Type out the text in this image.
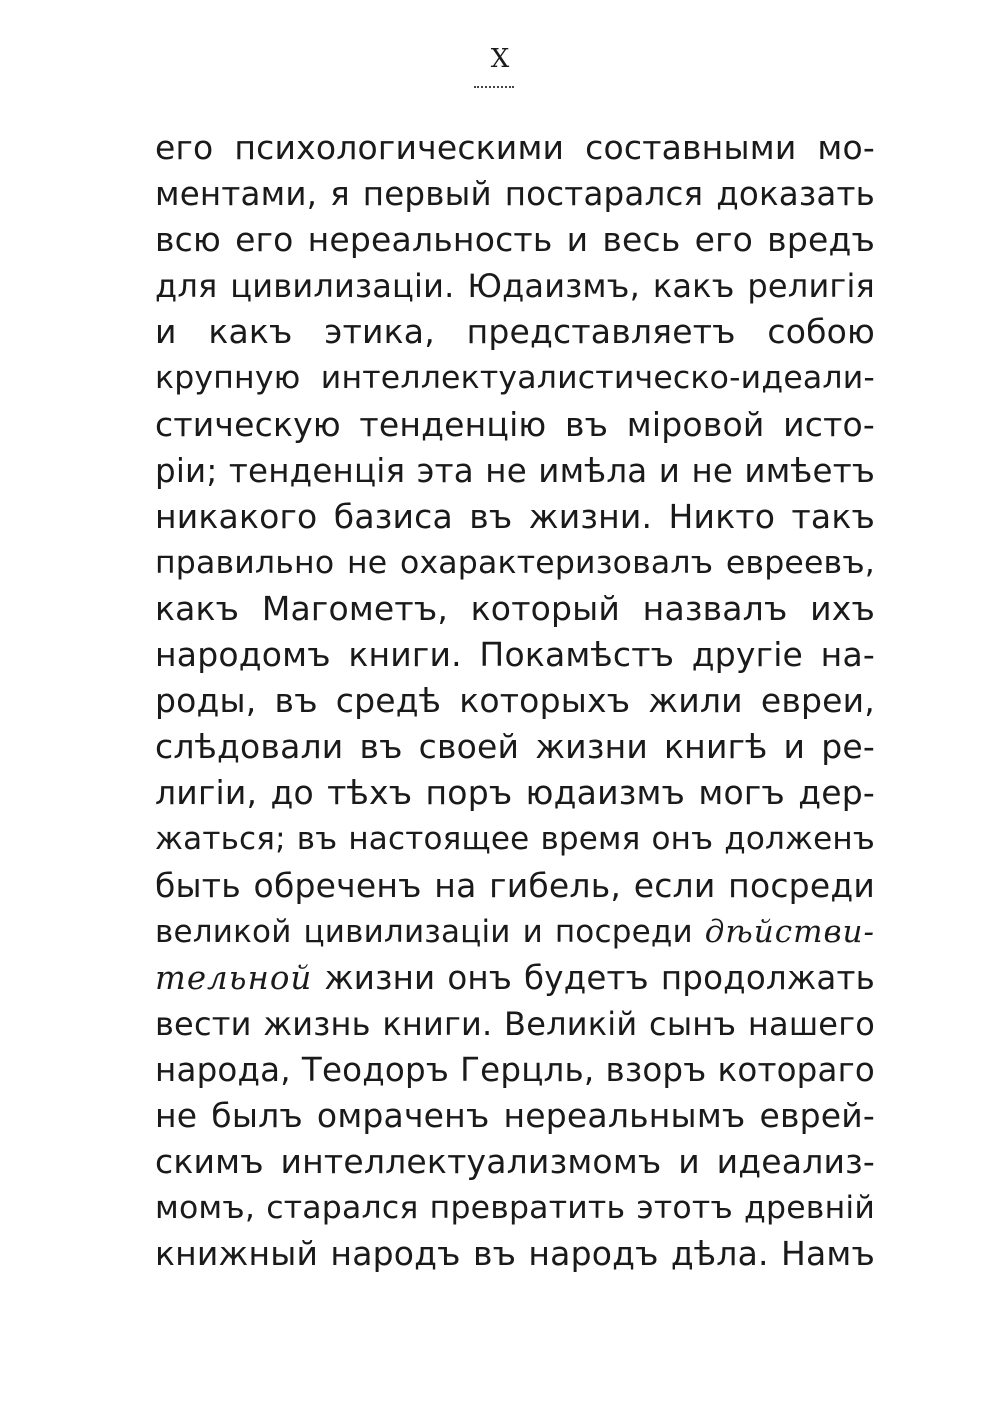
X
его психологическими составными мо-
ментами, я первый постарался доказать
всю его нереальность и весь его вредъ
для цивилизаціи. Юдаизмъ, какъ религія
и какъ этика, представляетъ собою
крупную интеллектуалистическо-идеали-
стическую тенденцію въ міровой исто-
ріи; тенденція эта не имѣла и не имѣетъ
никакого базиса въ жизни. Никто такъ
правильно не охарактеризовалъ евреевъ,
какъ Магометъ, который назвалъ ихъ
народомъ книги. Покамѣстъ другіе на-
роды, въ средѣ которыхъ жили евреи,
слѣдовали въ своей жизни книгѣ и ре-
лигіи, до тѣхъ поръ юдаизмъ могъ дер-
жаться; въ настоящее время онъ долженъ
быть обреченъ на гибель, если посреди
великой цивилизаціи и посреди дѣйстви-
тельной жизни онъ будетъ продолжать
вести жизнь книги. Великій сынъ нашего
народа, Теодоръ Герцль, взоръ котораго
не былъ омраченъ нереальнымъ еврей-
скимъ интеллектуализмомъ и идеализ-
момъ, старался превратить этотъ древній
книжный народъ въ народъ дѣла. Намъ
